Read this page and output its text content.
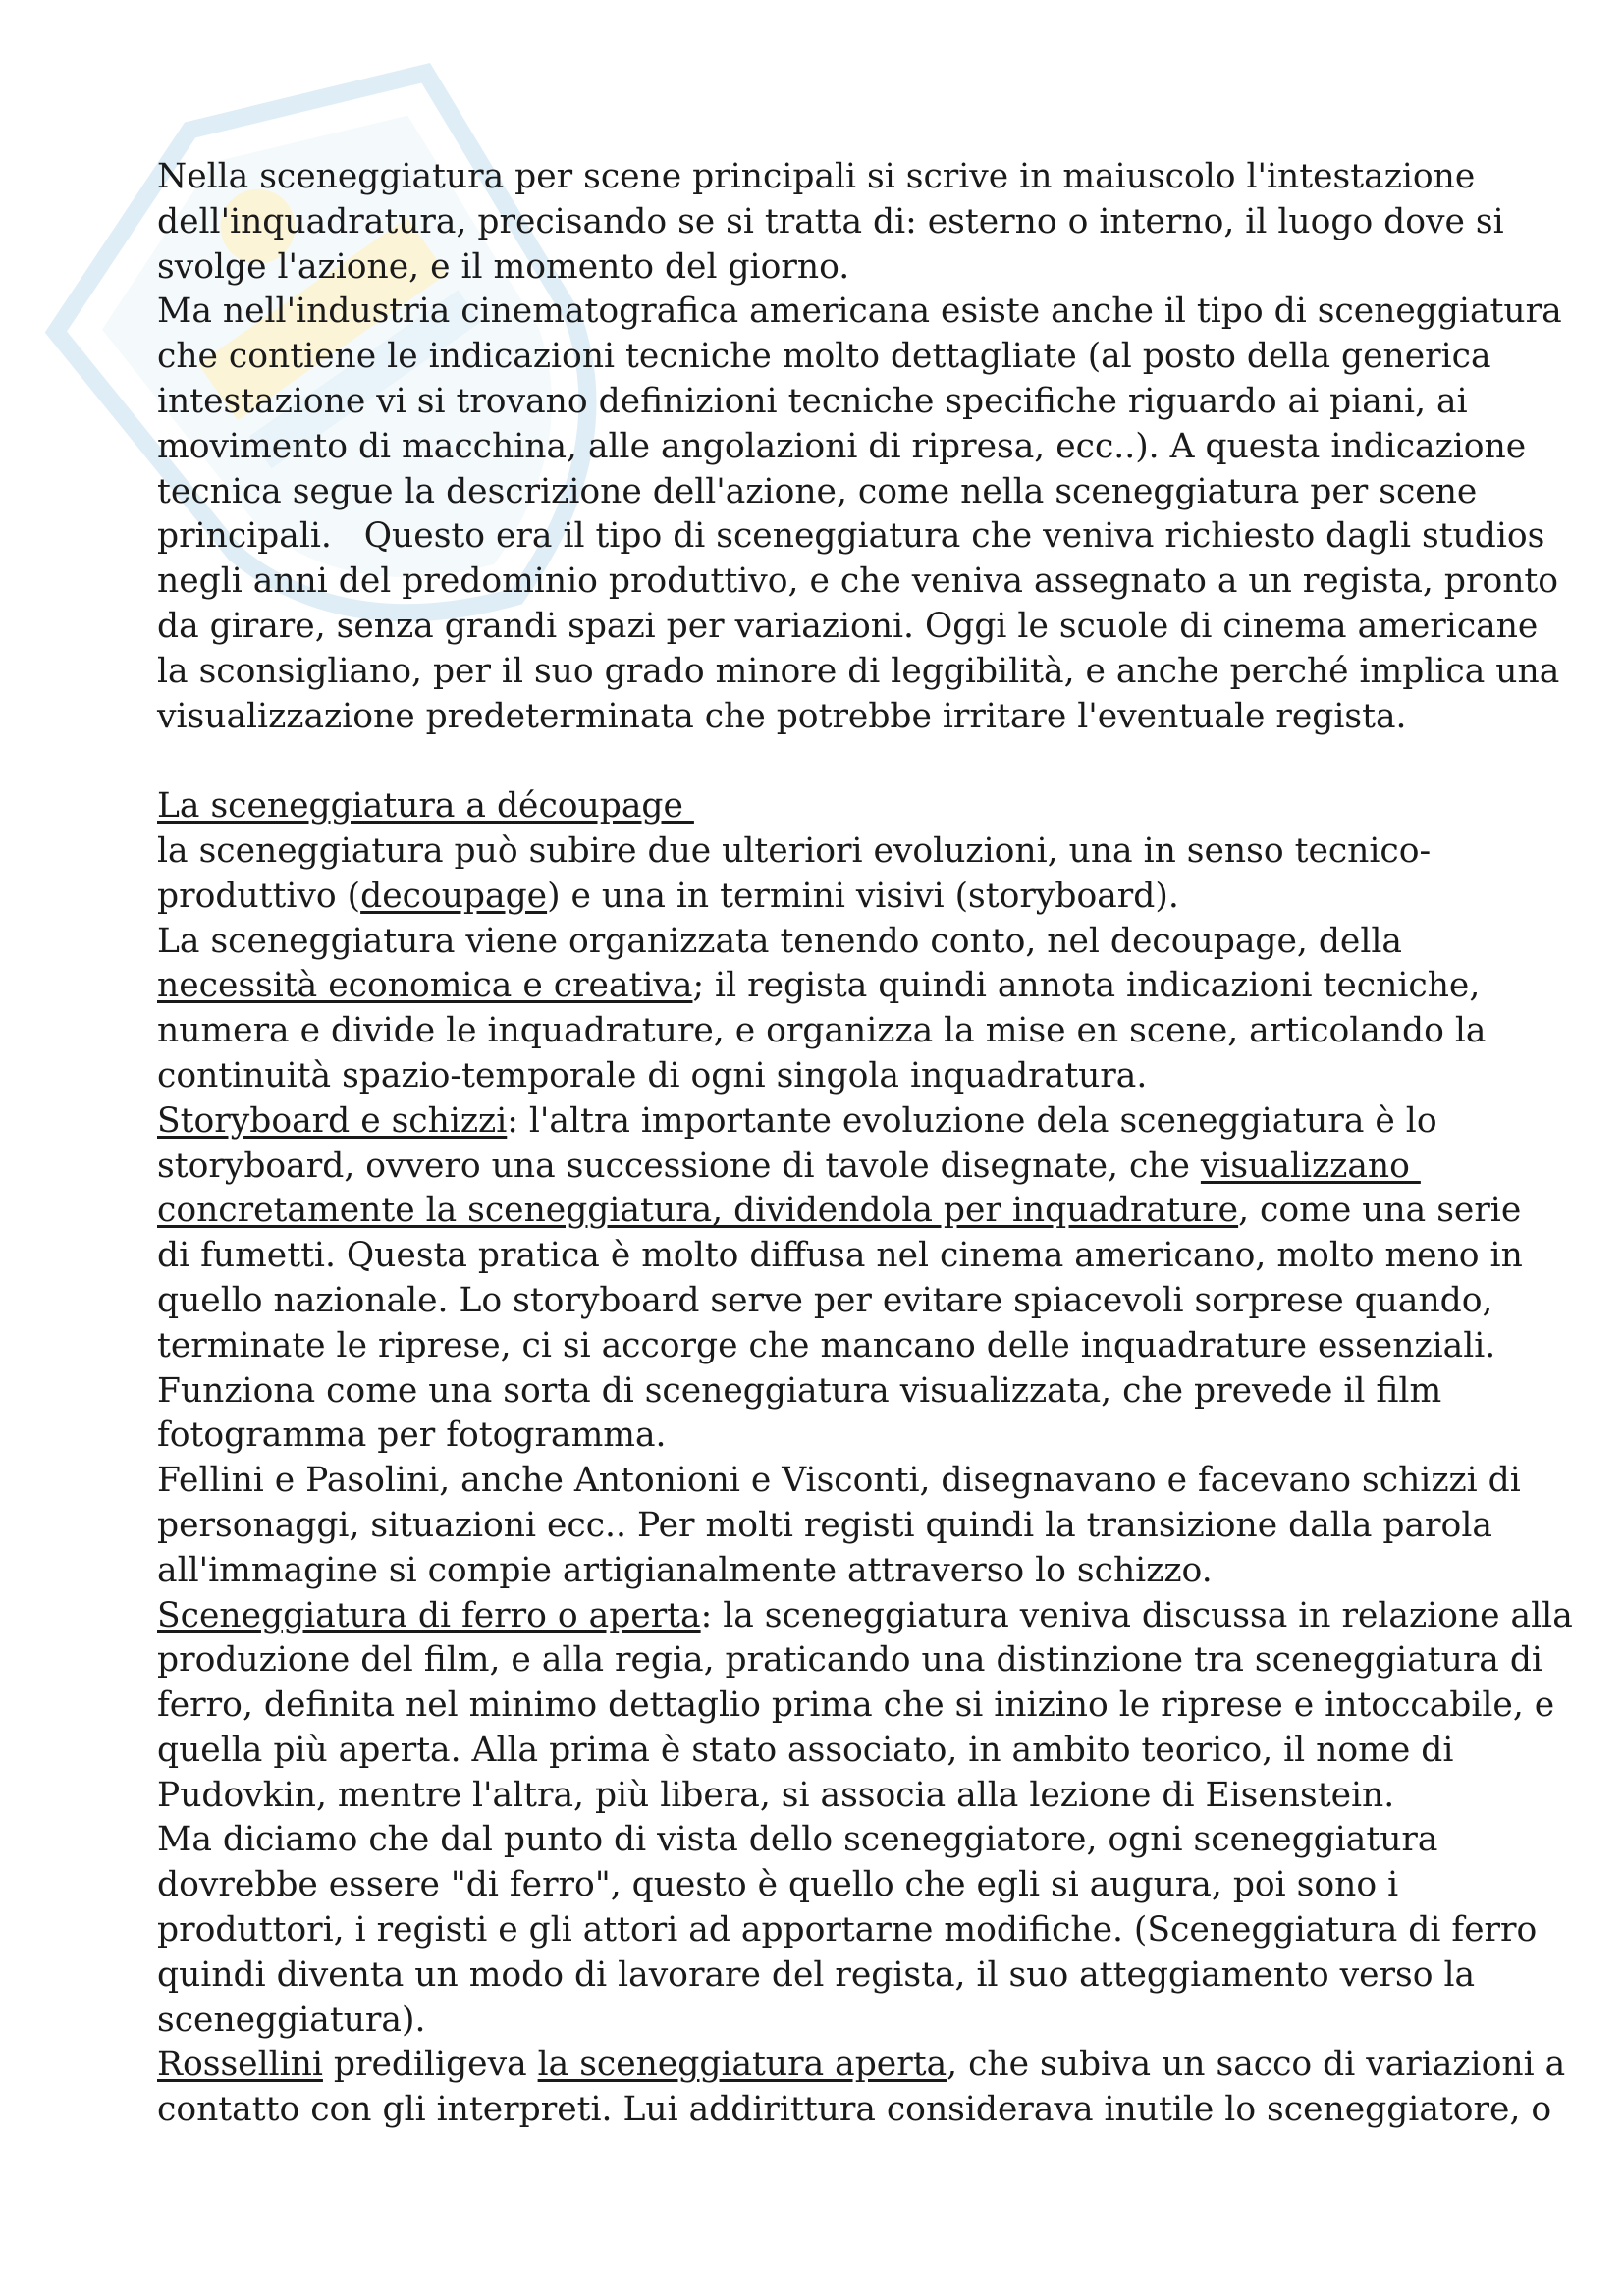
Nella sceneggiatura per scene principali si scrive in maiuscolo l'intestazione
dell'inquadratura, precisando se si tratta di: esterno o interno, il luogo dove si
svolge l'azione, e il momento del giorno.
Ma nell'industria cinematografica americana esiste anche il tipo di sceneggiatura
che contiene le indicazioni tecniche molto dettagliate (al posto della generica
intestazione vi si trovano definizioni tecniche specifiche riguardo ai piani, ai
movimento di macchina, alle angolazioni di ripresa, ecc..). A questa indicazione
tecnica segue la descrizione dell'azione, come nella sceneggiatura per scene
principali.   Questo era il tipo di sceneggiatura che veniva richiesto dagli studios
negli anni del predominio produttivo, e che veniva assegnato a un regista, pronto
da girare, senza grandi spazi per variazioni. Oggi le scuole di cinema americane
la sconsigliano, per il suo grado minore di leggibilità, e anche perché implica una
visualizzazione predeterminata che potrebbe irritare l'eventuale regista.
La sceneggiatura a découpage
la sceneggiatura può subire due ulteriori evoluzioni, una in senso tecnico-
produttivo (decoupage) e una in termini visivi (storyboard).
La sceneggiatura viene organizzata tenendo conto, nel decoupage, della
necessità economica e creativa; il regista quindi annota indicazioni tecniche,
numera e divide le inquadrature, e organizza la mise en scene, articolando la
continuità spazio-temporale di ogni singola inquadratura.
Storyboard e schizzi: l'altra importante evoluzione dela sceneggiatura è lo
storyboard, ovvero una successione di tavole disegnate, che visualizzano
concretamente la sceneggiatura, dividendola per inquadrature, come una serie
di fumetti. Questa pratica è molto diffusa nel cinema americano, molto meno in
quello nazionale. Lo storyboard serve per evitare spiacevoli sorprese quando,
terminate le riprese, ci si accorge che mancano delle inquadrature essenziali.
Funziona come una sorta di sceneggiatura visualizzata, che prevede il film
fotogramma per fotogramma.
Fellini e Pasolini, anche Antonioni e Visconti, disegnavano e facevano schizzi di
personaggi, situazioni ecc.. Per molti registi quindi la transizione dalla parola
all'immagine si compie artigianalmente attraverso lo schizzo.
Sceneggiatura di ferro o aperta: la sceneggiatura veniva discussa in relazione alla
produzione del film, e alla regia, praticando una distinzione tra sceneggiatura di
ferro, definita nel minimo dettaglio prima che si inizino le riprese e intoccabile, e
quella più aperta. Alla prima è stato associato, in ambito teorico, il nome di
Pudovkin, mentre l'altra, più libera, si associa alla lezione di Eisenstein.
Ma diciamo che dal punto di vista dello sceneggiatore, ogni sceneggiatura
dovrebbe essere "di ferro", questo è quello che egli si augura, poi sono i
produttori, i registi e gli attori ad apportarne modifiche. (Sceneggiatura di ferro
quindi diventa un modo di lavorare del regista, il suo atteggiamento verso la
sceneggiatura).
Rossellini prediligeva la sceneggiatura aperta, che subiva un sacco di variazioni a
contatto con gli interpreti. Lui addirittura considerava inutile lo sceneggiatore, o
